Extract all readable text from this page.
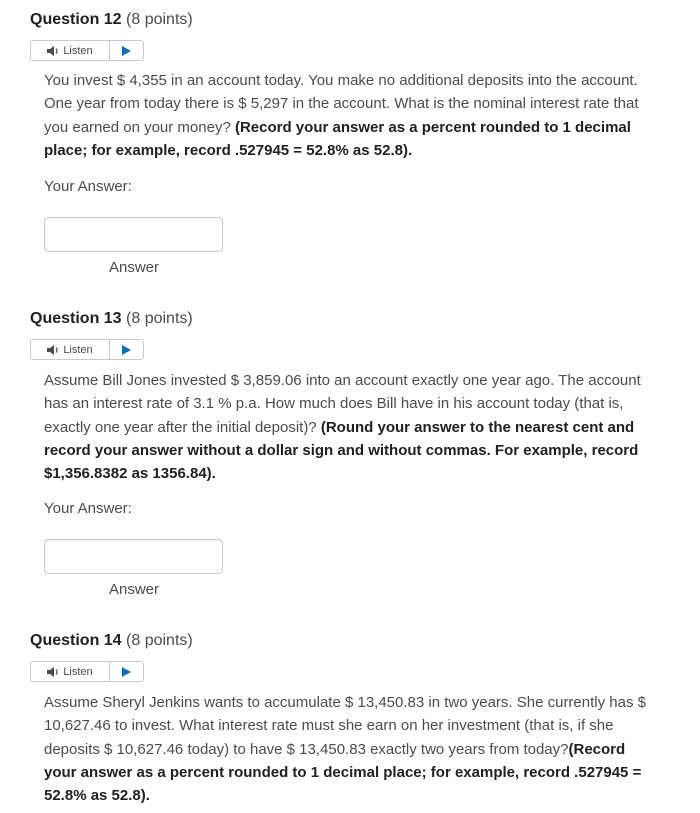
Question 12 (8 points)
Listen
You invest $ 4,355 in an account today. You make no additional deposits into the account. One year from today there is $ 5,297 in the account. What is the nominal interest rate that you earned on your money? (Record your answer as a percent rounded to 1 decimal place; for example, record .527945 = 52.8% as 52.8).
Your Answer:
Answer
Question 13 (8 points)
Listen
Assume Bill Jones invested $ 3,859.06 into an account exactly one year ago. The account has an interest rate of 3.1 % p.a. How much does Bill have in his account today (that is, exactly one year after the initial deposit)? (Round your answer to the nearest cent and record your answer without a dollar sign and without commas. For example, record $1,356.8382 as 1356.84).
Your Answer:
Answer
Question 14 (8 points)
Listen
Assume Sheryl Jenkins wants to accumulate $ 13,450.83 in two years. She currently has $ 10,627.46 to invest. What interest rate must she earn on her investment (that is, if she deposits $ 10,627.46 today) to have $ 13,450.83 exactly two years from today?(Record your answer as a percent rounded to 1 decimal place; for example, record .527945 = 52.8% as 52.8).
